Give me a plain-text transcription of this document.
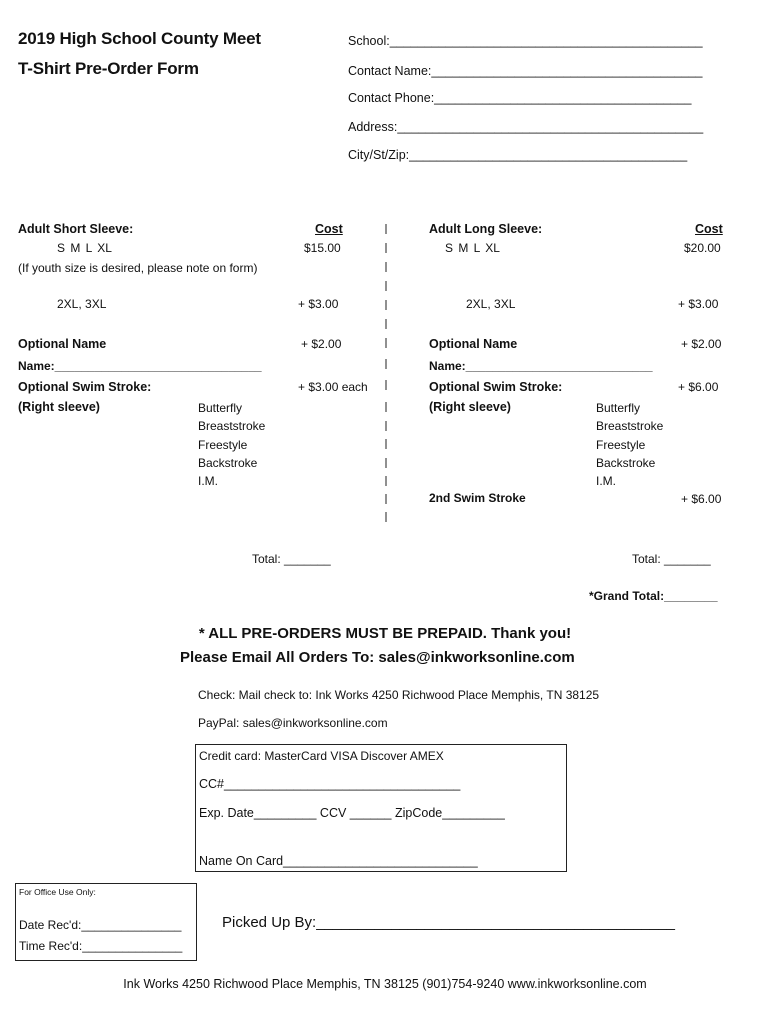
2019 High School County Meet
T-Shirt Pre-Order Form
School:_____________________________________________
Contact Name:_______________________________________
Contact Phone:_____________________________________
Address:____________________________________________
City/St/Zip:________________________________________
Adult Short Sleeve:	Cost
S M L XL	$15.00
(If youth size is desired, please note on form)
2XL, 3XL	+ $3.00
Optional Name	+ $2.00
Name:_______________________________
Optional Swim Stroke:	+ $3.00 each
(Right sleeve)	Butterfly
Breaststroke
Freestyle
Backstroke
I.M.
Total: _______
Adult Long Sleeve:	Cost
S M L XL	$20.00
2XL, 3XL	+ $3.00
Optional Name	+ $2.00
Name:____________________________
Optional Swim Stroke:	+ $6.00
(Right sleeve)	Butterfly
Breaststroke
Freestyle
Backstroke
I.M.
2nd Swim Stroke	+ $6.00
Total: _______
*Grand Total:________
* ALL PRE-ORDERS MUST BE PREPAID. Thank you!
Please Email All Orders To: sales@inkworksonline.com
Check: Mail check to: Ink Works 4250 Richwood Place Memphis, TN 38125
PayPal: sales@inkworksonline.com
Credit card: MasterCard VISA Discover AMEX
CC#__________________________________
Exp. Date_________ CCV ______ ZipCode_________
Name On Card____________________________
For Office Use Only:
Date Rec'd:_______________
Time Rec'd:_______________
Picked Up By:___________________________________________
Ink Works 4250 Richwood Place Memphis, TN 38125 (901)754-9240 www.inkworksonline.com
